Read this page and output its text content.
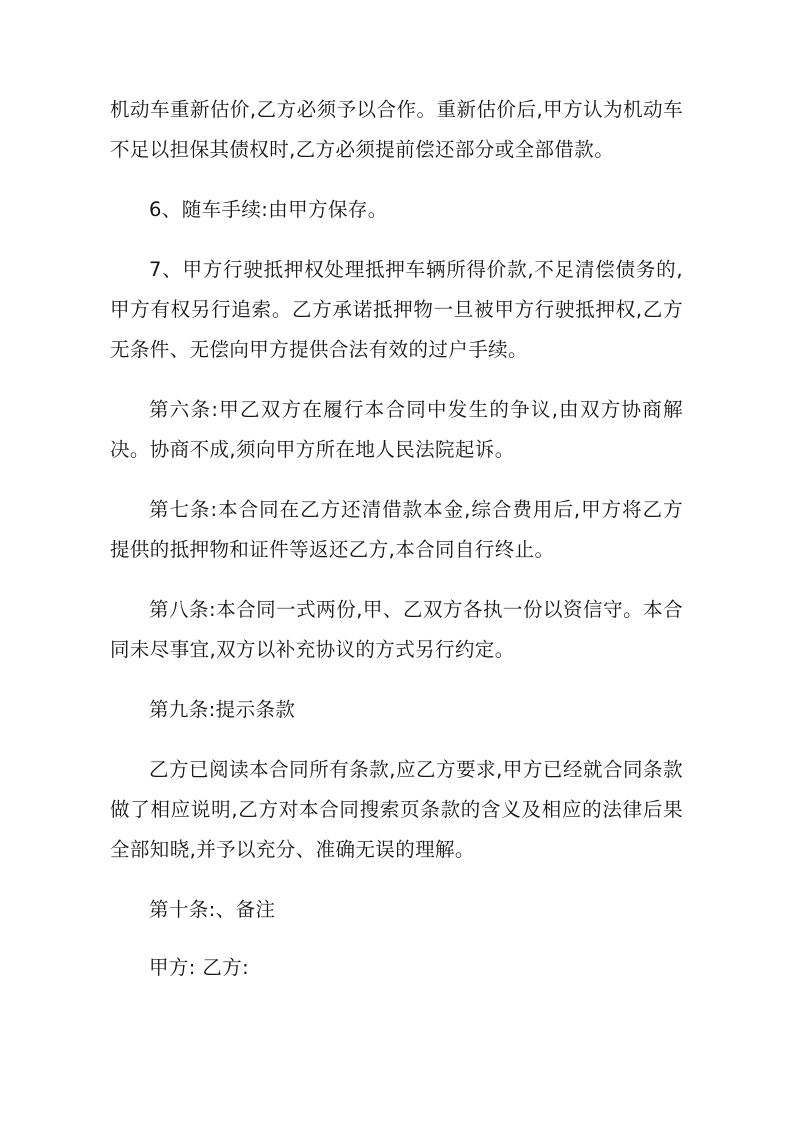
机动车重新估价,乙方必须予以合作。重新估价后,甲方认为机动车不足以担保其债权时,乙方必须提前偿还部分或全部借款。

6、随车手续:由甲方保存。

7、甲方行驶抵押权处理抵押车辆所得价款,不足清偿债务的,甲方有权另行追索。乙方承诺抵押物一旦被甲方行驶抵押权,乙方无条件、无偿向甲方提供合法有效的过户手续。

第六条:甲乙双方在履行本合同中发生的争议,由双方协商解决。协商不成,须向甲方所在地人民法院起诉。

第七条:本合同在乙方还清借款本金,综合费用后,甲方将乙方提供的抵押物和证件等返还乙方,本合同自行终止。

第八条:本合同一式两份,甲、乙双方各执一份以资信守。本合同未尽事宜,双方以补充协议的方式另行约定。

第九条:提示条款

乙方已阅读本合同所有条款,应乙方要求,甲方已经就合同条款做了相应说明,乙方对本合同搜索页条款的含义及相应的法律后果全部知晓,并予以充分、准确无误的理解。

第十条:、备注

甲方: 乙方:
